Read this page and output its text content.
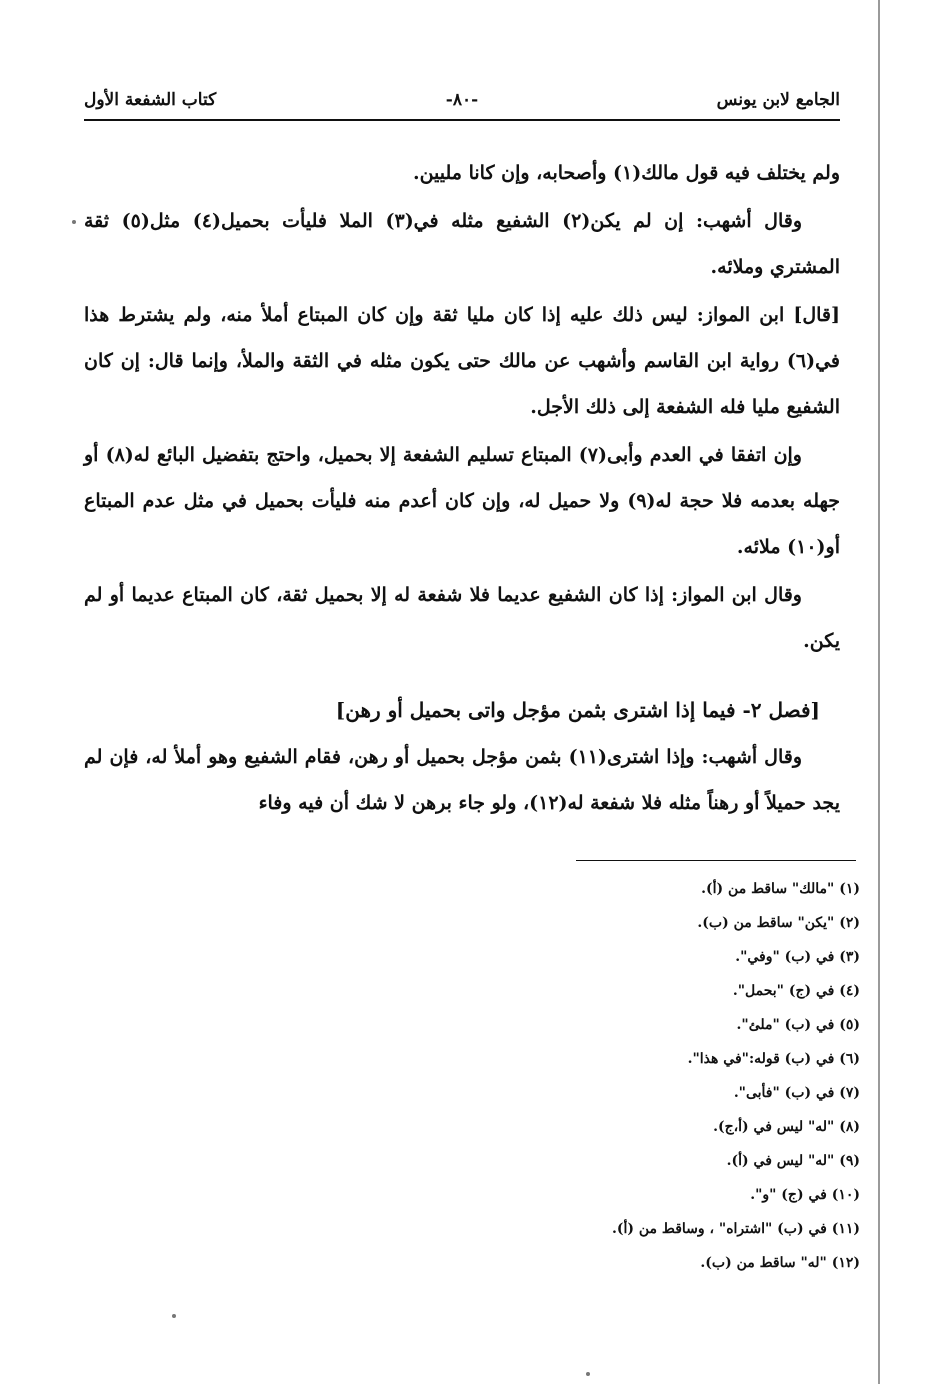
الجامع لابن يونس
-٨٠-
كتاب الشفعة الأول

ولم يختلف فيه قول مالك(١) وأصحابه، وإن كانا مليين.

وقال أشهب: إن لم يكن(٢) الشفيع مثله في(٣) الملا فليأت بحميل(٤) مثل(٥) ثقة المشتري وملائه.

[قال] ابن المواز: ليس ذلك عليه إذا كان مليا ثقة وإن كان المبتاع أملأ منه، ولم يشترط هذا في(٦) رواية ابن القاسم وأشهب عن مالك حتى يكون مثله في الثقة والملأ، وإنما قال: إن كان الشفيع مليا فله الشفعة إلى ذلك الأجل.

وإن اتفقا في العدم وأبى(٧) المبتاع تسليم الشفعة إلا بحميل، واحتج بتفضيل البائع له(٨) أو جهله بعدمه فلا حجة له(٩) ولا حميل له، وإن كان أعدم منه فليأت بحميل في مثل عدم المبتاع أو(١٠) ملائه.

وقال ابن المواز: إذا كان الشفيع عديما فلا شفعة له إلا بحميل ثقة، كان المبتاع عديما أو لم يكن.

[فصل ٢- فيما إذا اشترى بثمن مؤجل واتى بحميل أو رهن]

وقال أشهب: وإذا اشترى(١١) بثمن مؤجل بحميل أو رهن، فقام الشفيع وهو أملأ له، فإن لم يجد حميلاً أو رهناً مثله فلا شفعة له(١٢)، ولو جاء برهن لا شك أن فيه وفاء

(١) "مالك" ساقط من (أ).
(٢) "يكن" ساقط من (ب).
(٣) في (ب) "وفي".
(٤) في (ج) "بحمل".
(٥) في (ب) "ملئ".
(٦) في (ب) قوله:"في هذا".
(٧) في (ب) "فأبى".
(٨) "له" ليس في (أ،ج).
(٩) "له" ليس في (أ).
(١٠) في (ج) "و".
(١١) في (ب) "اشتراه" ، وساقط من (أ).
(١٢) "له" ساقط من (ب).
